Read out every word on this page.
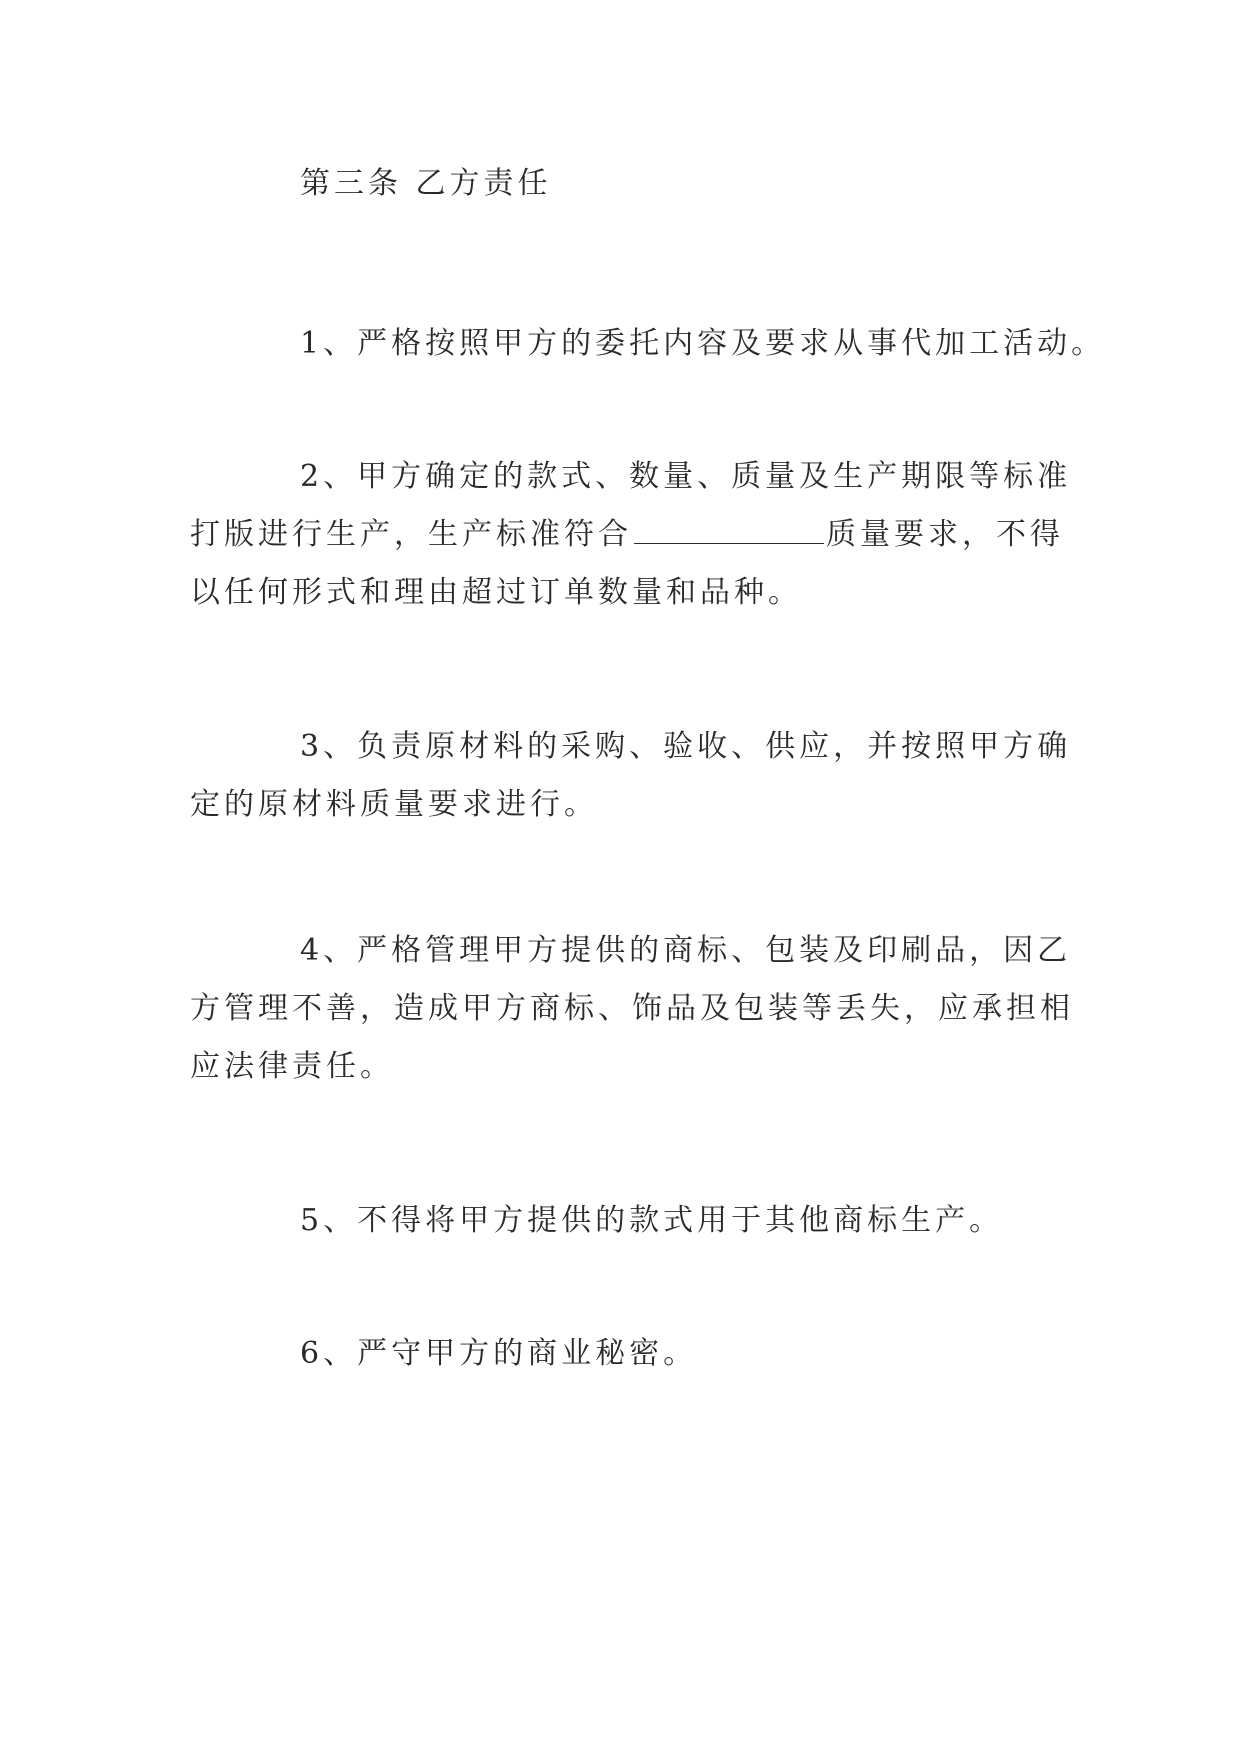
第三条 乙方责任
1、严格按照甲方的委托内容及要求从事代加工活动。
2、甲方确定的款式、数量、质量及生产期限等标准
打版进行生产，生产标准符合	质量要求，不得
以任何形式和理由超过订单数量和品种。
3、负责原材料的采购、验收、供应，并按照甲方确
定的原材料质量要求进行。
4、严格管理甲方提供的商标、包装及印刷品，因乙
方管理不善，造成甲方商标、饰品及包装等丢失，应承担相
应法律责任。
5、不得将甲方提供的款式用于其他商标生产。
6、严守甲方的商业秘密。
